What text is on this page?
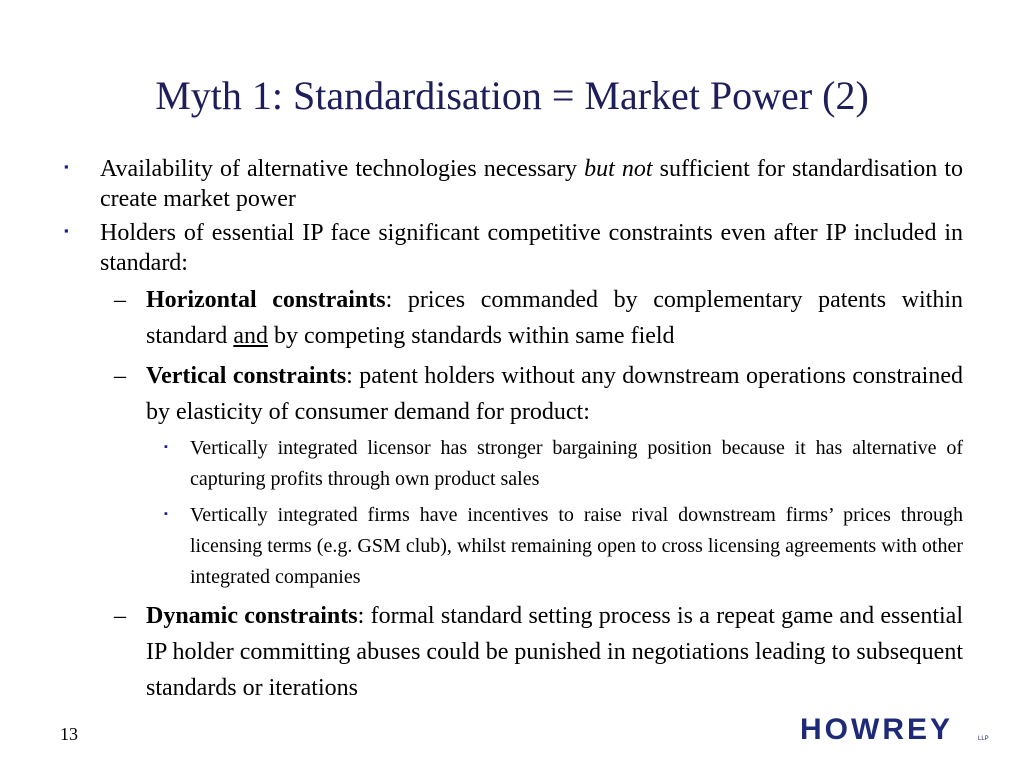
Myth 1: Standardisation = Market Power (2)
▪ Availability of alternative technologies necessary but not sufficient for standardisation to create market power
▪ Holders of essential IP face significant competitive constraints even after IP included in standard:
– Horizontal constraints: prices commanded by complementary patents within standard and by competing standards within same field
– Vertical constraints: patent holders without any downstream operations constrained by elasticity of consumer demand for product:
▪ Vertically integrated licensor has stronger bargaining position because it has alternative of capturing profits through own product sales
▪ Vertically integrated firms have incentives to raise rival downstream firms’ prices through licensing terms (e.g. GSM club), whilst remaining open to cross licensing agreements with other integrated companies
– Dynamic constraints: formal standard setting process is a repeat game and essential IP holder committing abuses could be punished in negotiations leading to subsequent standards or iterations
13	HOWREY	LLP
